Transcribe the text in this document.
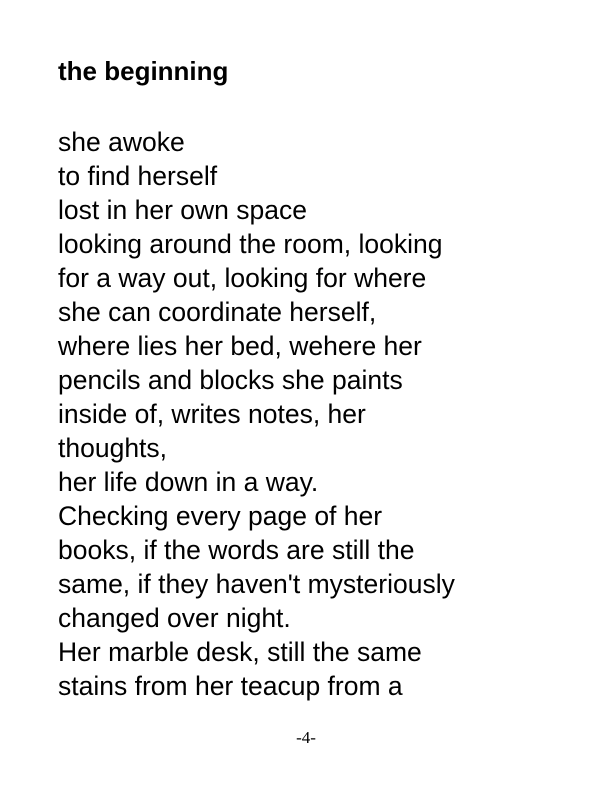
the beginning
she awoke
to find herself
lost in her own space
looking around the room, looking
for a way out, looking for where
she can coordinate herself,
where lies her bed, wehere her
pencils and blocks she paints
inside of, writes notes, her
thoughts,
her life down in a way.
Checking every page of her
books, if the words are still the
same, if they haven't mysteriously
changed over night.
Her marble desk, still the same
stains from her teacup from a

-4-
